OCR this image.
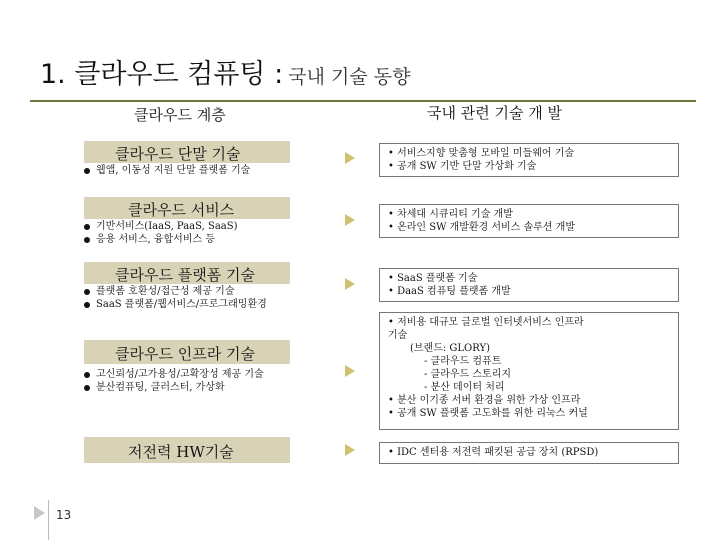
1. 클라우드 컴퓨팅 : 국내 기술 동향
클라우드 계층	국내 관련 기술 개 발
클라우드 단말 기술
웹앱, 이동성 지원 단말 플랫폼 기술
• 서비스지향 맞춤형 모바일 미들웨어 기술
• 공개 SW 기반 단말 가상화 기술
클라우드 서비스
기반서비스(IaaS, PaaS, SaaS)
응용 서비스, 융합서비스 등
• 차세대 시큐리티 기술 개발
• 온라인 SW 개발환경 서비스 솔루션 개발
클라우드 플랫폼 기술
플랫폼 호환성/접근성 제공 기술
SaaS 플랫폼/웹서비스/프로그래밍환경
• SaaS 플랫폼 기술
• DaaS 컴퓨팅 플랫폼 개발
클라우드 인프라 기술
고신뢰성/고가용성/고확장성 제공 기술
분산컴퓨팅, 클러스터, 가상화
• 저비용 대규모 글로벌 인터넷서비스 인프라
기술
(브랜드: GLORY)
- 클라우드 컴퓨트
- 클라우드 스토리지
- 분산 데이터 처리
• 분산 이기종 서버 환경을 위한 가상 인프라
• 공개 SW 플랫폼 고도화를 위한 리눅스 커널
저전력 HW기술	• IDC 센터용 저전력 패킷된 공급 장치 (RPSD)
13
